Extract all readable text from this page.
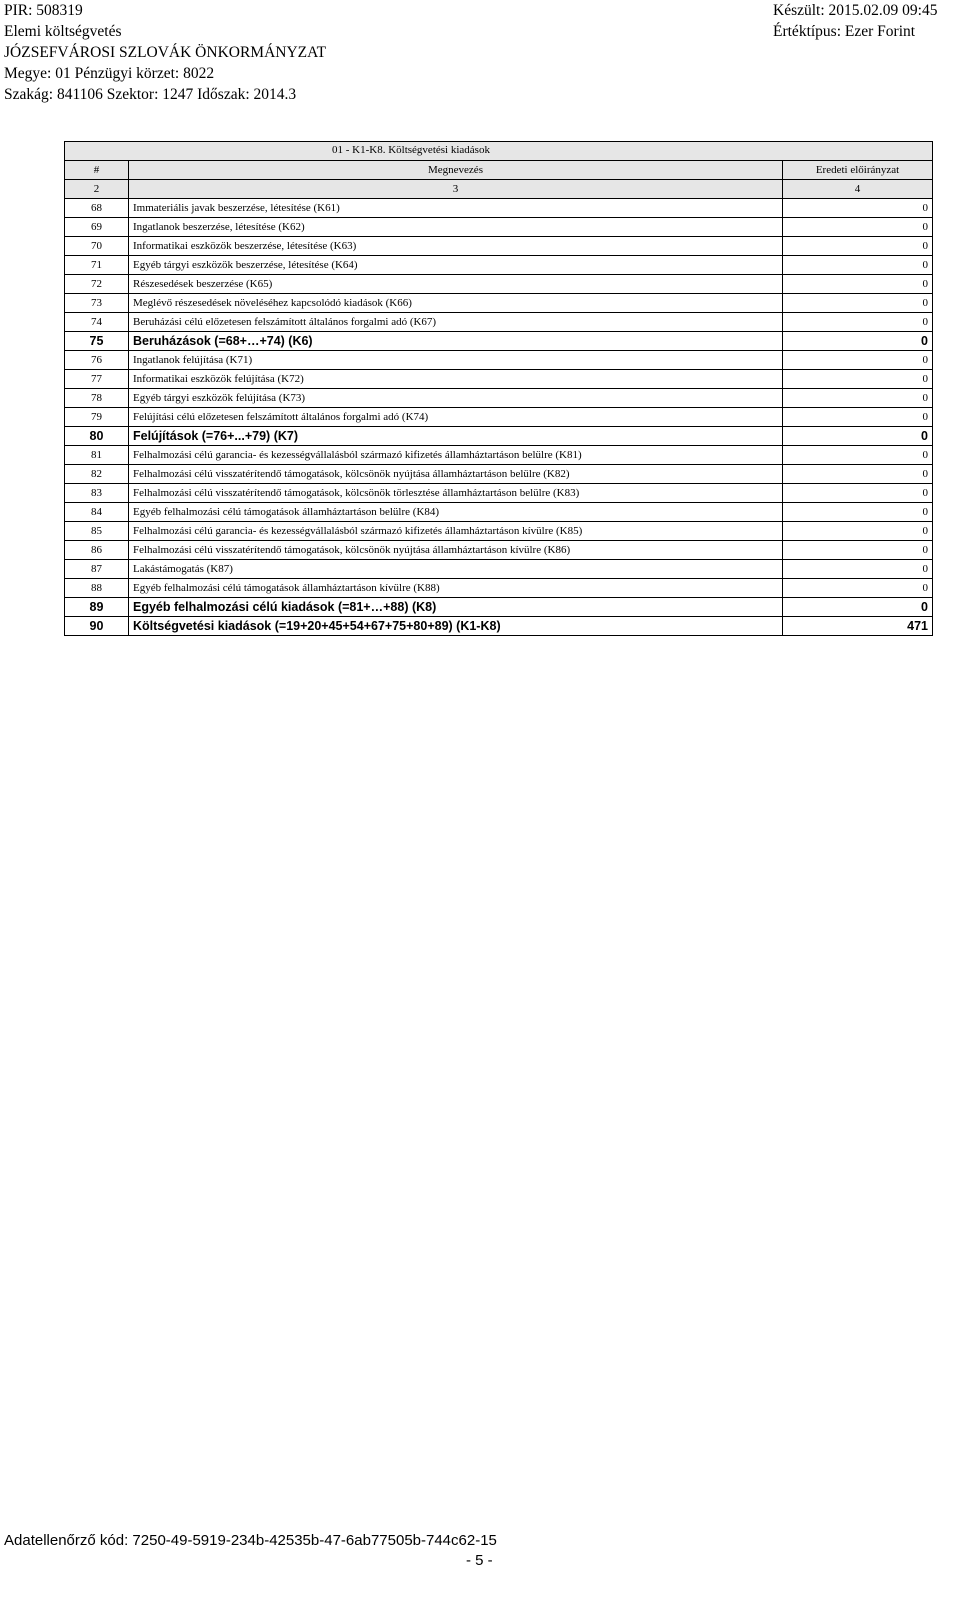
PIR: 508319
Elemi költségvetés
JÓZSEFVÁROSI SZLOVÁK ÖNKORMÁNYZAT
Megye: 01 Pénzügyi körzet: 8022
Szakág: 841106 Szektor: 1247 Időszak: 2014.3
Készült: 2015.02.09 09:45
Értéktípus: Ezer Forint
01 - K1-K8. Költségvetési kiadások		

#	Megnevezés	Eredeti előirányzat
2	3	4
68	Immateriális javak beszerzése, létesítése (K61)	0
69	Ingatlanok beszerzése, létesítése (K62)	0
70	Informatikai eszközök beszerzése, létesítése (K63)	0
71	Egyéb tárgyi eszközök beszerzése, létesítése (K64)	0
72	Részesedések beszerzése (K65)	0
73	Meglévő részesedések növeléséhez kapcsolódó kiadások (K66)	0
74	Beruházási célú előzetesen felszámított általános forgalmi adó (K67)	0
75	Beruházások (=68+…+74) (K6)	0
76	Ingatlanok felújítása (K71)	0
77	Informatikai eszközök felújítása (K72)	0
78	Egyéb tárgyi eszközök felújítása (K73)	0
79	Felújítási célú előzetesen felszámított általános forgalmi adó (K74)	0
80	Felújítások (=76+...+79) (K7)	0
81	Felhalmozási célú garancia- és kezességvállalásból származó kifizetés államháztartáson belülre (K81)	0
82	Felhalmozási célú visszatérítendő támogatások, kölcsönök nyújtása államháztartáson belülre (K82)	0
83	Felhalmozási célú visszatérítendő támogatások, kölcsönök törlesztése államháztartáson belülre (K83)	0
84	Egyéb felhalmozási célú támogatások államháztartáson belülre (K84)	0
85	Felhalmozási célú garancia- és kezességvállalásból származó kifizetés államháztartáson kívülre (K85)	0
86	Felhalmozási célú visszatérítendő támogatások, kölcsönök nyújtása államháztartáson kívülre (K86)	0
87	Lakástámogatás (K87)	0
88	Egyéb felhalmozási célú támogatások államháztartáson kívülre (K88)	0
89	Egyéb felhalmozási célú kiadások (=81+…+88) (K8)	0
90	Költségvetési kiadások (=19+20+45+54+67+75+80+89) (K1-K8)	471
Adatellenőrző kód: 7250-49-5919-234b-42535b-47-6ab77505b-744c62-15
- 5 -
